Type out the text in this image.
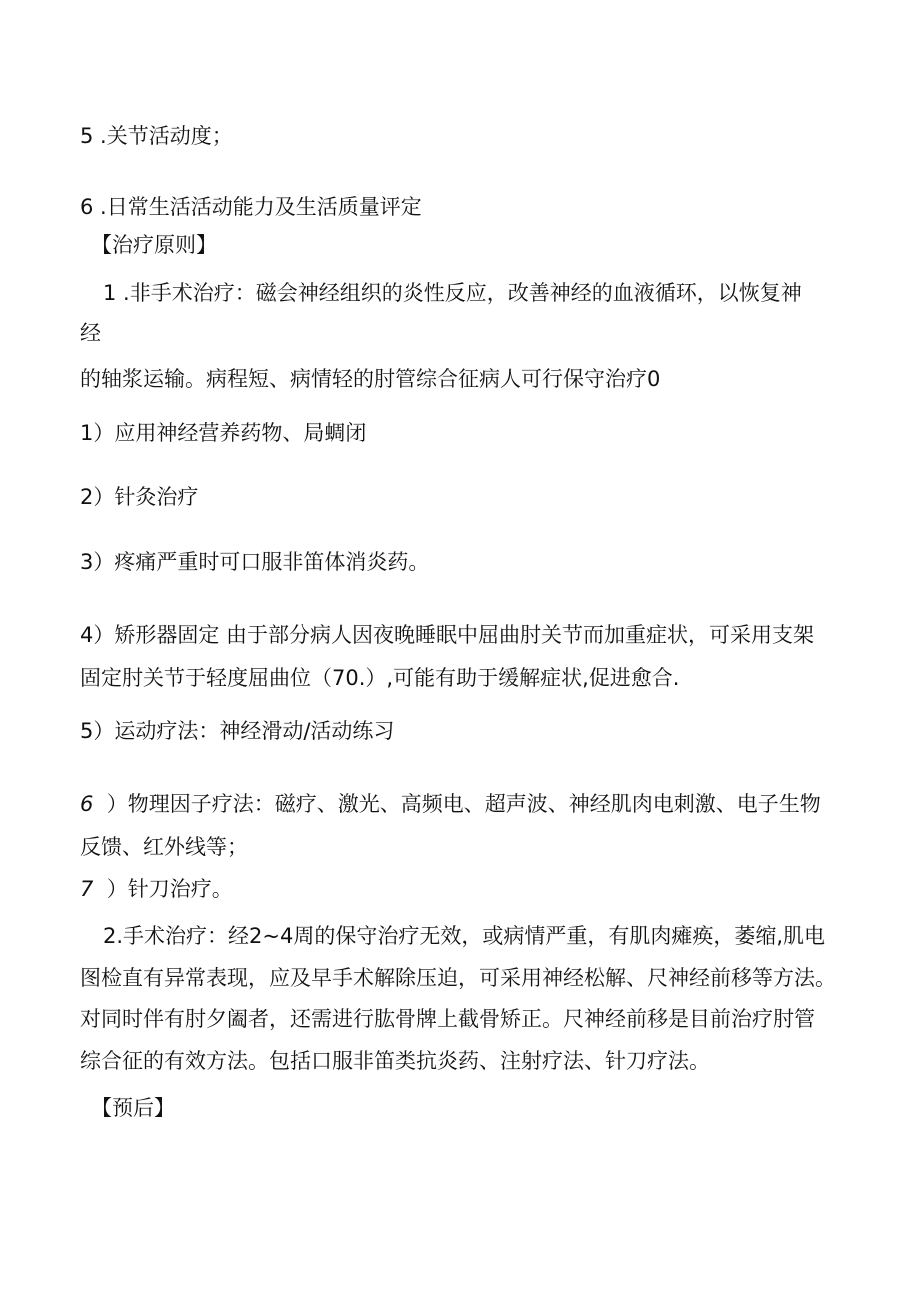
5 .关节活动度；
6 .日常生活活动能力及生活质量评定
【治疗原则】
1 .非手术治疗：磁会神经组织的炎性反应，改善神经的血液循环，以恢复神
经
的轴浆运输。病程短、病情轻的肘管综合征病人可行保守治疗0
1）应用神经营养药物、局蜩闭
2）针灸治疗
3）疼痛严重时可口服非笛体消炎药。
4）矫形器固定 由于部分病人因夜晚睡眠中屈曲肘关节而加重症状，可采用支架
固定肘关节于轻度屈曲位（70.）,可能有助于缓解症状,促进愈合.
5）运动疗法：神经滑动/活动练习
6 ）物理因子疗法：磁疗、激光、高频电、超声波、神经肌肉电刺激、电子生物
反馈、红外线等；
7 ）针刀治疗。
2.手术治疗：经2~4周的保守治疗无效，或病情严重，有肌肉瘫痪，萎缩,肌电
图检直有异常表现，应及早手术解除压迫，可采用神经松解、尺神经前移等方法。
对同时伴有肘夕阖者，还需进行肱骨牌上截骨矫正。尺神经前移是目前治疗肘管
综合征的有效方法。包括口服非笛类抗炎药、注射疗法、针刀疗法。
【预后】
